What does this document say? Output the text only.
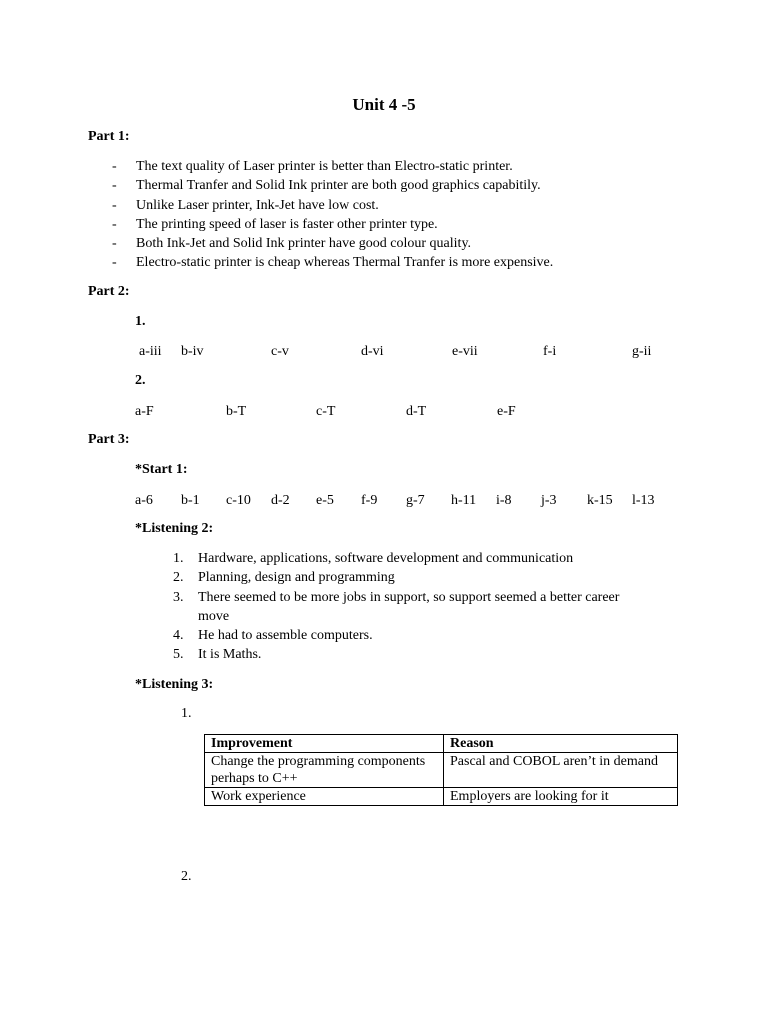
Unit 4 -5
Part 1:
- The text quality of Laser printer is better than Electro-static printer.
- Thermal Tranfer and Solid Ink printer are both good graphics capabitily.
- Unlike Laser printer, Ink-Jet have low cost.
- The printing speed of laser is faster other printer type.
- Both Ink-Jet and Solid Ink printer have good colour quality.
- Electro-static printer is cheap whereas Thermal Tranfer is more expensive.
Part 2:
1.
a-iii b-iv	c-v	d-vi	e-vii	f-i	g-ii
2.
a-F	b-T	c-T	d-T	e-F
Part 3:
*Start 1:
a-6 b-1 c-10 d-2 e-5 f-9 g-7 h-11 i-8 j-3 k-15 l-13
*Listening 2:
1. Hardware, applications, software development and communication
2. Planning, design and programming
3. There seemed to be more jobs in support, so support seemed a better career move
4. He had to assemble computers.
5. It is Maths.
*Listening 3:
1.
Improvement	Reason
Change the programming components perhaps to C++	Pascal and COBOL aren’t in demand
Work experience	Employers are looking for it
2.
